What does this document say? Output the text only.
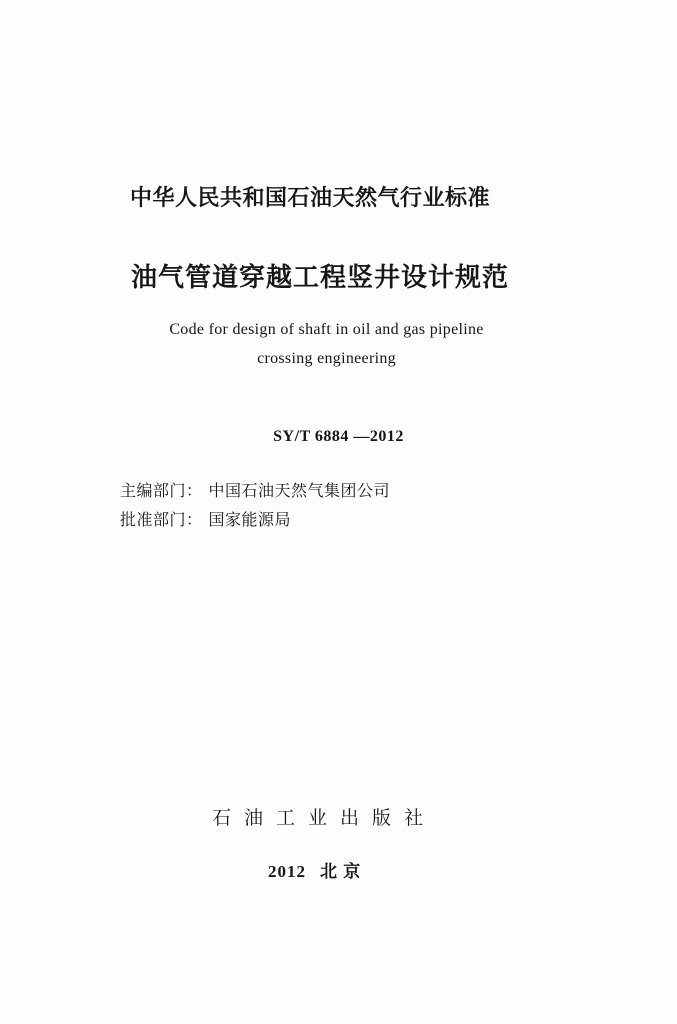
中华人民共和国石油天然气行业标准

油气管道穿越工程竖井设计规范

Code for design of shaft in oil and gas pipeline

crossing engineering

SY/T 6884 —2012

主编部门： 中国石油天然气集团公司

批准部门： 国家能源局

石油工业出版社

2012 北 京
